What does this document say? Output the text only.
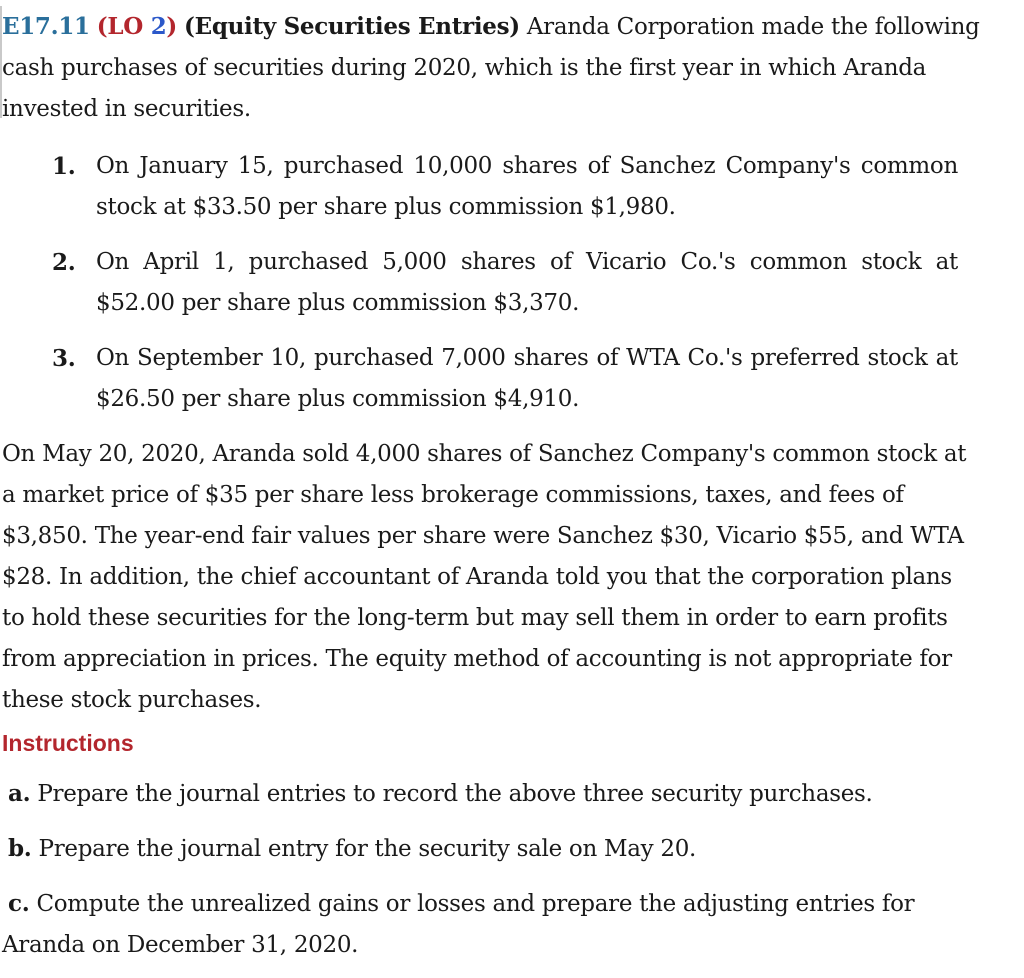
E17.11 (LO 2) (Equity Securities Entries) Aranda Corporation made the following cash purchases of securities during 2020, which is the first year in which Aranda invested in securities.

1. On January 15, purchased 10,000 shares of Sanchez Company's common stock at $33.50 per share plus commission $1,980.
2. On April 1, purchased 5,000 shares of Vicario Co.'s common stock at $52.00 per share plus commission $3,370.
3. On September 10, purchased 7,000 shares of WTA Co.'s preferred stock at $26.50 per share plus commission $4,910.

On May 20, 2020, Aranda sold 4,000 shares of Sanchez Company's common stock at a market price of $35 per share less brokerage commissions, taxes, and fees of $3,850. The year-end fair values per share were Sanchez $30, Vicario $55, and WTA $28. In addition, the chief accountant of Aranda told you that the corporation plans to hold these securities for the long-term but may sell them in order to earn profits from appreciation in prices. The equity method of accounting is not appropriate for these stock purchases.

Instructions

a. Prepare the journal entries to record the above three security purchases.

b. Prepare the journal entry for the security sale on May 20.

c. Compute the unrealized gains or losses and prepare the adjusting entries for Aranda on December 31, 2020.
